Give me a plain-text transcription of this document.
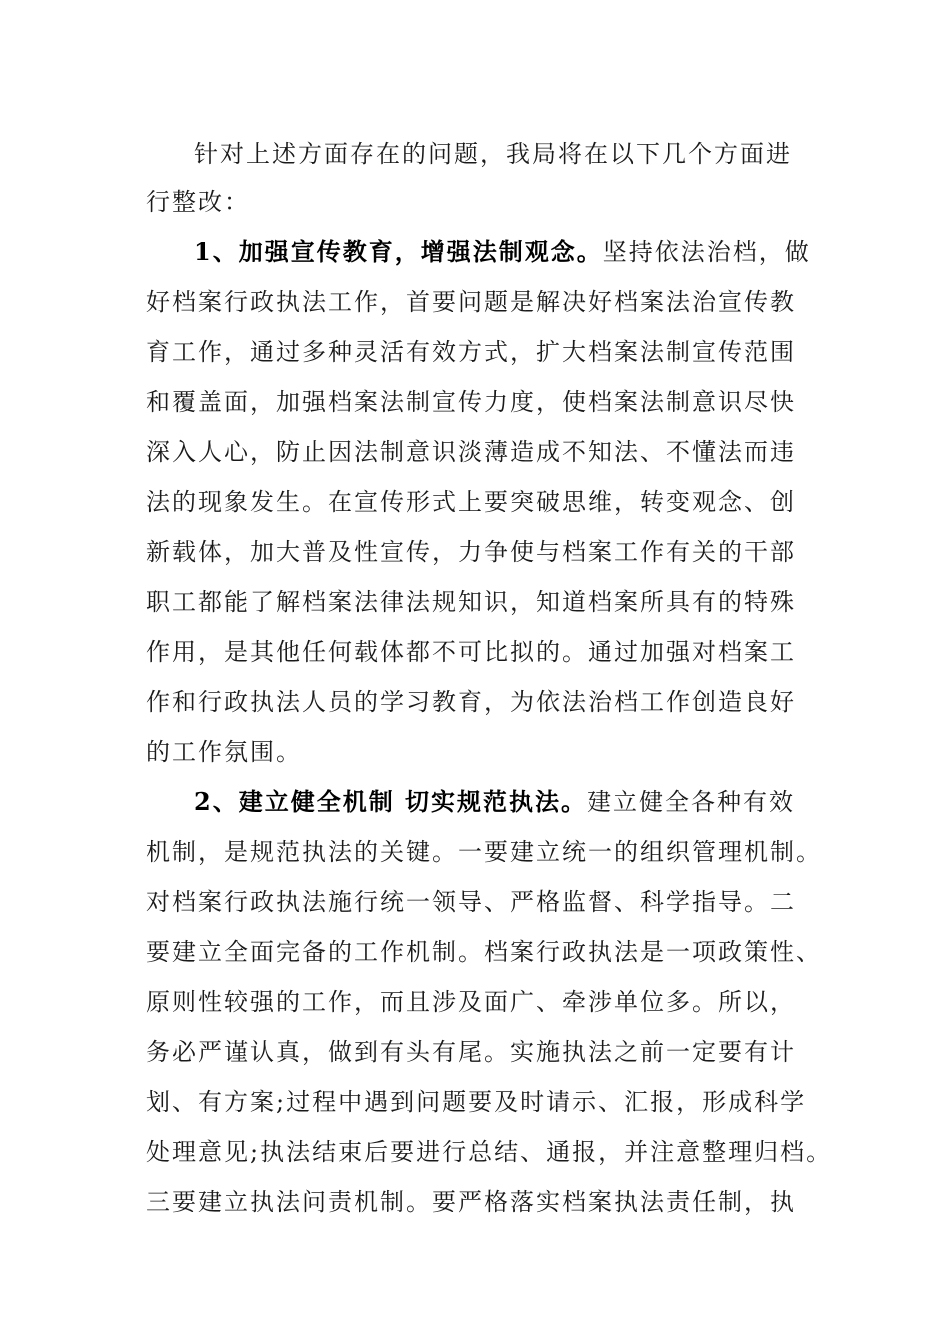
针对上述方面存在的问题，我局将在以下几个方面进
行整改：
1、加强宣传教育，增强法制观念。坚持依法治档，做
好档案行政执法工作，首要问题是解决好档案法治宣传教
育工作，通过多种灵活有效方式，扩大档案法制宣传范围
和覆盖面，加强档案法制宣传力度，使档案法制意识尽快
深入人心，防止因法制意识淡薄造成不知法、不懂法而违
法的现象发生。在宣传形式上要突破思维，转变观念、创
新载体，加大普及性宣传，力争使与档案工作有关的干部
职工都能了解档案法律法规知识，知道档案所具有的特殊
作用，是其他任何载体都不可比拟的。通过加强对档案工
作和行政执法人员的学习教育，为依法治档工作创造良好
的工作氛围。
2、建立健全机制 切实规范执法。建立健全各种有效
机制，是规范执法的关键。一要建立统一的组织管理机制。
对档案行政执法施行统一领导、严格监督、科学指导。二
要建立全面完备的工作机制。档案行政执法是一项政策性、
原则性较强的工作，而且涉及面广、牵涉单位多。所以，
务必严谨认真，做到有头有尾。实施执法之前一定要有计
划、有方案;过程中遇到问题要及时请示、汇报，形成科学
处理意见;执法结束后要进行总结、通报，并注意整理归档。
三要建立执法问责机制。要严格落实档案执法责任制，执
